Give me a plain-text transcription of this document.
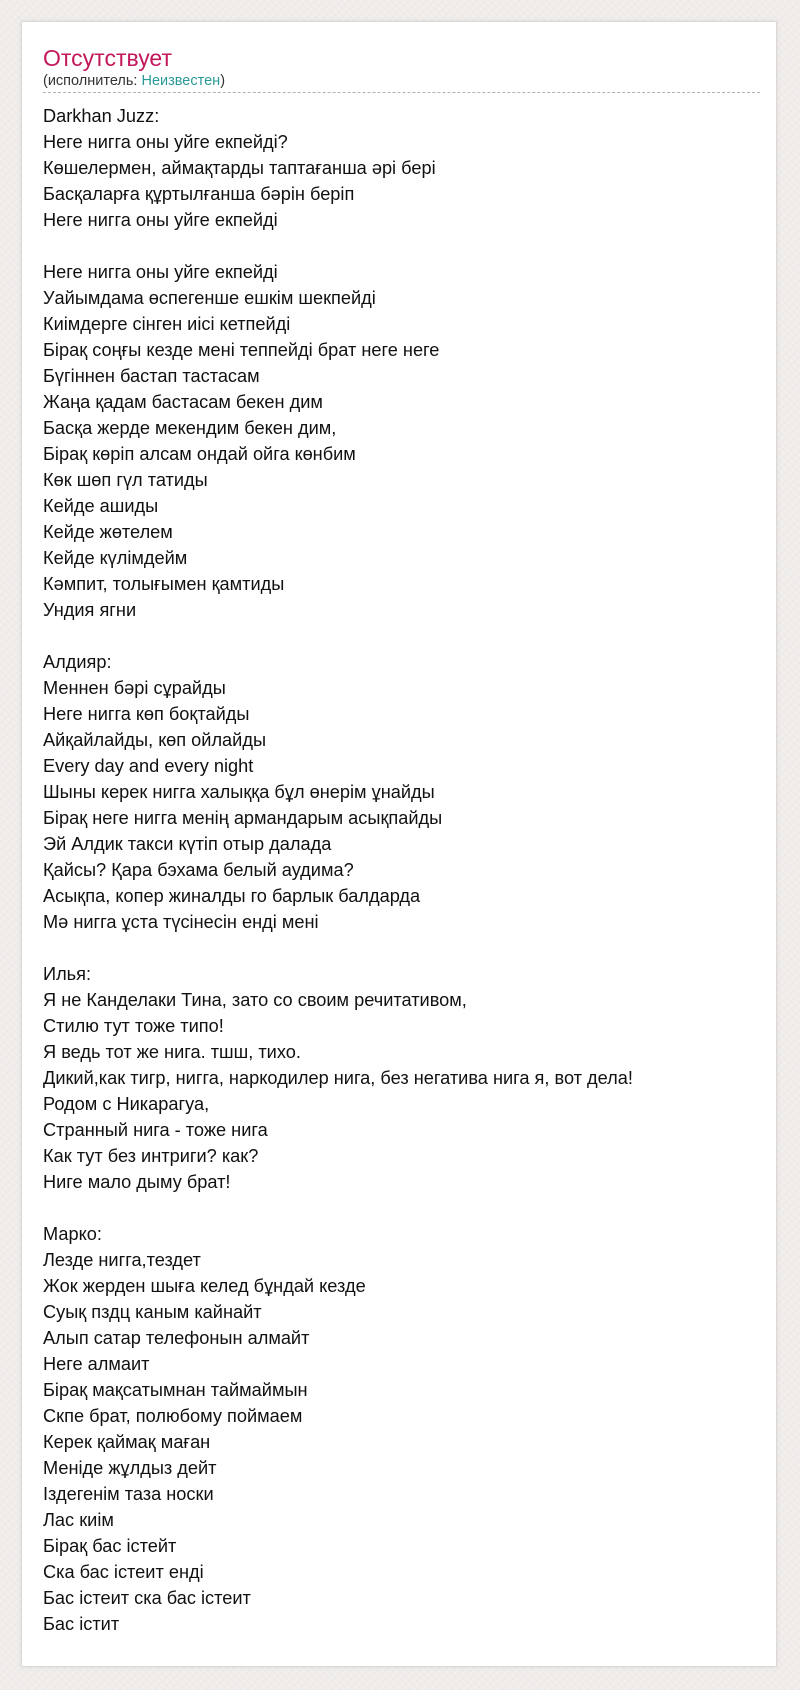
Отсутствует
(исполнитель: Неизвестен)
Darkhan Juzz:
Неге нигга оны уйге екпейді?
Көшелермен, аймақтарды таптағанша әрі бері
Басқаларға құртылғанша бәрін беріп
Неге нигга оны уйге екпейді
Неге нигга оны уйге екпейді
Уайымдама өспегенше ешкім шекпейді
Киімдерге сінген иісі кетпейді
Бірақ соңғы кезде мені теппейді брат неге неге
Бүгіннен бастап тастасам
Жаңа қадам бастасам бекен дим
Басқа жерде мекендим бекен дим,
Бірақ көріп алсам ондай ойга көнбим
Көк шөп гүл татиды
Кейде ашиды
Кейде жөтелем
Кейде күлімдейм
Кәмпит, толығымен қамтиды
Ундия ягни
Алдияр:
Меннен бәрі сұрайды
Неге нигга көп боқтайды
Айқайлайды, көп ойлайды
Every day and every night
Шыны керек нигга халыққа бұл өнерім ұнайды
Бірақ неге нигга менің армандарым асықпайды
Эй Алдик такси күтіп отыр далада
Қайсы? Қара бэхама белый аудима?
Асықпа, копер жиналды го барлык балдарда
Мә нигга ұста түсінесін енді мені
Илья:
Я не Канделаки Тина, зато со своим речитативом,
Стилю тут тоже типо!
Я ведь тот же нига. тшш, тихо.
Дикий,как тигр, нигга, наркодилер нига, без негатива нига я, вот дела!
Родом с Никарагуа,
Странный нига - тоже нига
Как тут без интриги? как?
Ниге мало дыму брат!
Марко:
Лезде нигга,тездет
Жок жерден шыға келед бұндай кезде
Суық пздц каным кайнайт
Алып сатар телефонын алмайт
Неге алмаит
Бірақ мақсатымнан таймаймын
Скпе брат, полюбому поймаем
Керек қаймақ маған
Меніде жұлдыз дейт
Іздегенім таза носки
Лас киім
Бірақ бас істейт
Ска бас істеит енді
Бас істеит ска бас істеит
Бас істит
